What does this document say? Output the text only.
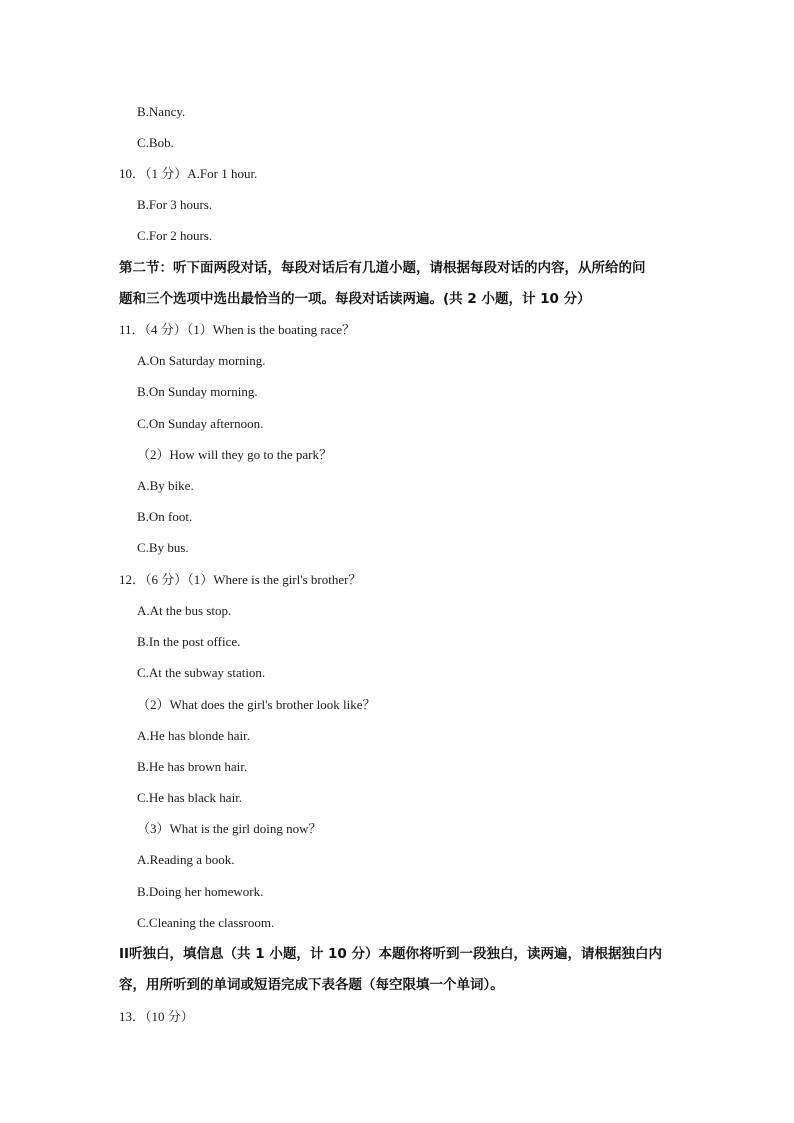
B.Nancy.
C.Bob.
10．（1 分）A.For 1 hour.
B.For 3 hours.
C.For 2 hours.
第二节：听下面两段对话，每段对话后有几道小题，请根据每段对话的内容，从所给的问
题和三个选项中选出最恰当的一项。每段对话读两遍。(共 2 小题，计 10 分）
11．（4 分）（1）When is the boating race？
A.On Saturday morning.
B.On Sunday morning.
C.On Sunday afternoon.
（2）How will they go to the park？
A.By bike.
B.On foot.
C.By bus.
12．（6 分）（1）Where is the girl's brother？
A.At the bus stop.
B.In the post office.
C.At the subway station.
（2）What does the girl's brother look like？
A.He has blonde hair.
B.He has brown hair.
C.He has black hair.
（3）What is the girl doing now？
A.Reading a book.
B.Doing her homework.
C.Cleaning the classroom.
II听独白，填信息（共 1 小题，计 10 分）本题你将听到一段独白，读两遍，请根据独白内
容，用所听到的单词或短语完成下表各题（每空限填一个单词）。
13．（10 分）
